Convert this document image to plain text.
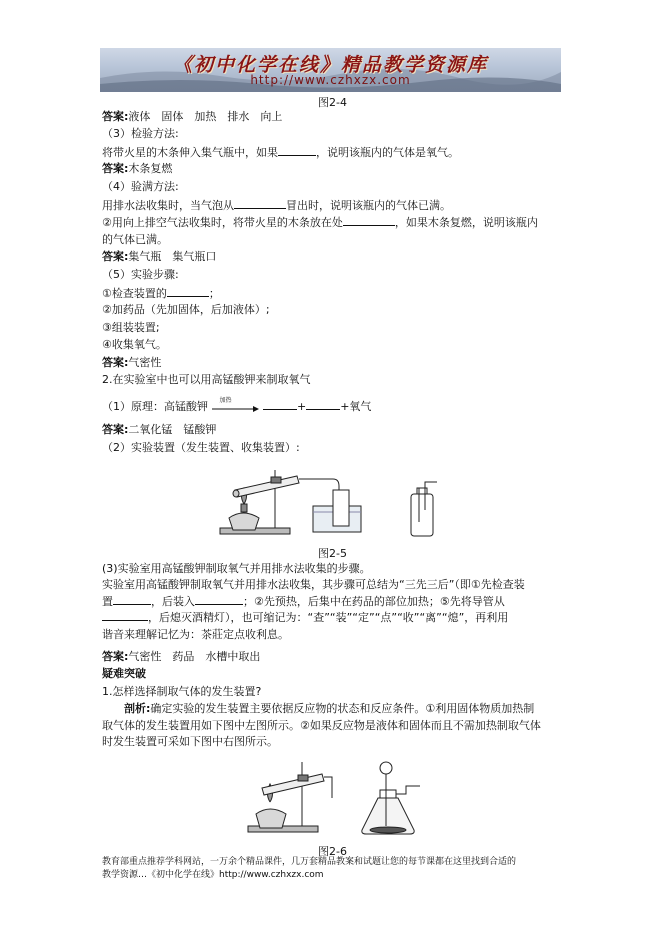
《初中化学在线》精品教学资源库
http://www.czhxzx.com
图2-4
答案:液体　固体　加热　排水　向上
（3）检验方法:
将带火星的木条伸入集气瓶中，如果	，说明该瓶内的气体是氧气。
答案:木条复燃
（4）验满方法:
用排水法收集时，当气泡从	冒出时，说明该瓶内的气体已满。
②用向上排空气法收集时，将带火星的木条放在处	，如果木条复燃，说明该瓶内
的气体已满。
答案:集气瓶　集气瓶口
（5）实验步骤:
①检查装置的	；
②加药品（先加固体，后加液体）;
③组装装置;
④收集氧气。
答案:气密性
2.在实验室中也可以用高锰酸钾来制取氧气
（1）原理：高锰酸钾 加热	+	+氧气
答案:二氧化锰　锰酸钾
（2）实验装置（发生装置、收集装置）:
图2-5
(3)实验室用高锰酸钾制取氧气并用排水法收集的步骤。
实验室用高锰酸钾制取氧气并用排水法收集，其步骤可总结为“三先三后”（即①先检查装
置	，后装入	；②先预热，后集中在药品的部位加热；⑤先将导管从
，后熄灭酒精灯），也可缩记为：“查”“装”“定”“点”“收”“离”“熄”，再利用
谐音来理解记忆为：茶莊定点收利息。
答案:气密性　药品　水槽中取出
疑难突破
1.怎样选择制取气体的发生装置?
剖析:确定实验的发生装置主要依据反应物的状态和反应条件。①利用固体物质加热制
取气体的发生装置用如下图中左图所示。②如果反应物是液体和固体而且不需加热制取气体
时发生装置可采如下图中右图所示。
图2-6
教育部重点推荐学科网站，一万余个精品课件，几万套精品教案和试题让您的每节课都在这里找到合适的
教学资源…《初中化学在线》http://www.czhxzx.com
